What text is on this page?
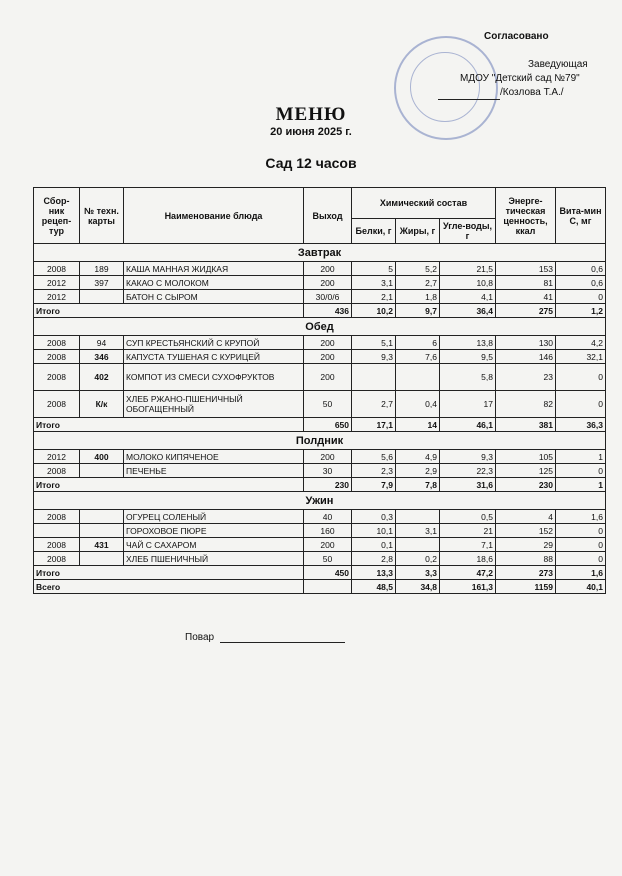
Согласовано
Заведующая
МДОУ "Детский сад №79"
/Козлова Т.А./
МЕНЮ
20 июня 2025 г.
Сад 12 часов
Сбор-ник рецеп-тур	№ техн. карты	Наименование блюда	Выход	Химический состав			Энерге-тическая ценность, ккал	Вита-мин С, мг
				Белки, г	Жиры, г	Угле-воды, г		
Завтрак								
2008	189	КАША МАННАЯ ЖИДКАЯ	200	5	5,2	21,5	153	0,6
2012	397	КАКАО С МОЛОКОМ	200	3,1	2,7	10,8	81	0,6
2012		БАТОН С СЫРОМ	30/0/6	2,1	1,8	4,1	41	0
Итого			436	10,2	9,7	36,4	275	1,2
Обед								
2008	94	СУП КРЕСТЬЯНСКИЙ С КРУПОЙ	200	5,1	6	13,8	130	4,2
2008	346	КАПУСТА ТУШЕНАЯ С КУРИЦЕЙ	200	9,3	7,6	9,5	146	32,1
2008	402	КОМПОТ ИЗ СМЕСИ СУХОФРУКТОВ	200			5,8	23	0
2008	К/к	ХЛЕБ РЖАНО-ПШЕНИЧНЫЙ ОБОГАЩЕННЫЙ	50	2,7	0,4	17	82	0
Итого			650	17,1	14	46,1	381	36,3
Полдник								
2012	400	МОЛОКО КИПЯЧЕНОЕ	200	5,6	4,9	9,3	105	1
2008		ПЕЧЕНЬЕ	30	2,3	2,9	22,3	125	0
Итого			230	7,9	7,8	31,6	230	1
Ужин								
2008		ОГУРЕЦ СОЛЕНЫЙ	40	0,3		0,5	4	1,6
		ГОРОХОВОЕ ПЮРЕ	160	10,1	3,1	21	152	0
2008	431	ЧАЙ С САХАРОМ	200	0,1		7,1	29	0
2008		ХЛЕБ ПШЕНИЧНЫЙ	50	2,8	0,2	18,6	88	0
Итого			450	13,3	3,3	47,2	273	1,6
Всего				48,5	34,8	161,3	1159	40,1
Повар
